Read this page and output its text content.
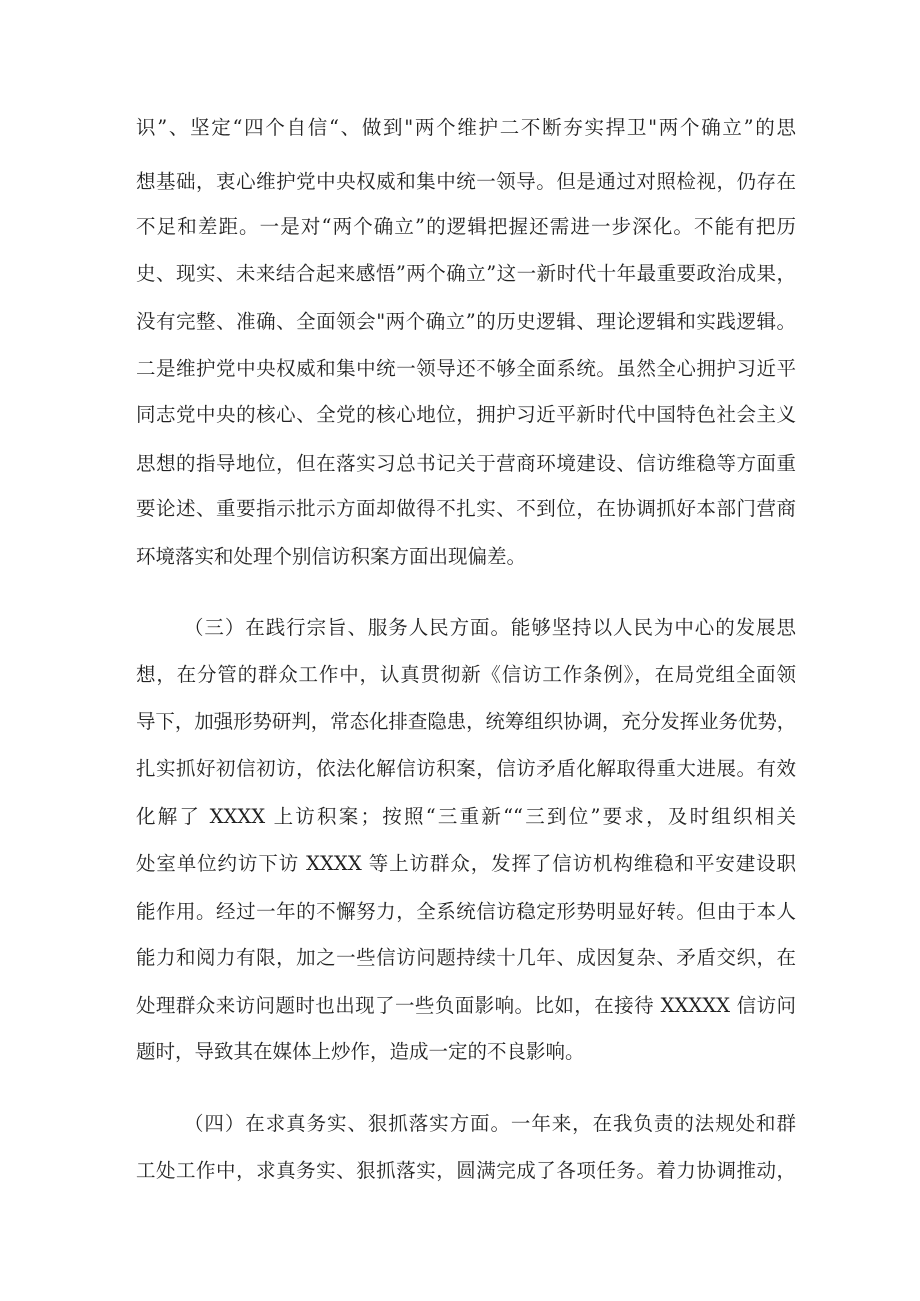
识”、坚定“四个自信“、做到"两个维护二不断夯实捍卫"两个确立”的思
想基础，衷心维护党中央权威和集中统一领导。但是通过对照检视，仍存在
不足和差距。一是对“两个确立”的逻辑把握还需进一步深化。不能有把历
史、现实、未来结合起来感悟”两个确立”这一新时代十年最重要政治成果，
没有完整、准确、全面领会"两个确立”的历史逻辑、理论逻辑和实践逻辑。
二是维护党中央权威和集中统一领导还不够全面系统。虽然全心拥护习近平
同志党中央的核心、全党的核心地位，拥护习近平新时代中国特色社会主义
思想的指导地位，但在落实习总书记关于营商环境建设、信访维稳等方面重
要论述、重要指示批示方面却做得不扎实、不到位，在协调抓好本部门营商
环境落实和处理个别信访积案方面出现偏差。
（三）在践行宗旨、服务人民方面。能够坚持以人民为中心的发展思
想，在分管的群众工作中，认真贯彻新《信访工作条例》，在局党组全面领
导下，加强形势研判，常态化排查隐患，统筹组织协调，充分发挥业务优势，
扎实抓好初信初访，依法化解信访积案，信访矛盾化解取得重大进展。有效
化解了 XXXX 上访积案；按照“三重新““三到位”要求，及时组织相关
处室单位约访下访 XXXX 等上访群众，发挥了信访机构维稳和平安建设职
能作用。经过一年的不懈努力，全系统信访稳定形势明显好转。但由于本人
能力和阅力有限，加之一些信访问题持续十几年、成因复杂、矛盾交织，在
处理群众来访问题时也出现了一些负面影响。比如，在接待 XXXXX 信访问
题时，导致其在媒体上炒作，造成一定的不良影响。
（四）在求真务实、狠抓落实方面。一年来，在我负责的法规处和群
工处工作中，求真务实、狠抓落实，圆满完成了各项任务。着力协调推动，
